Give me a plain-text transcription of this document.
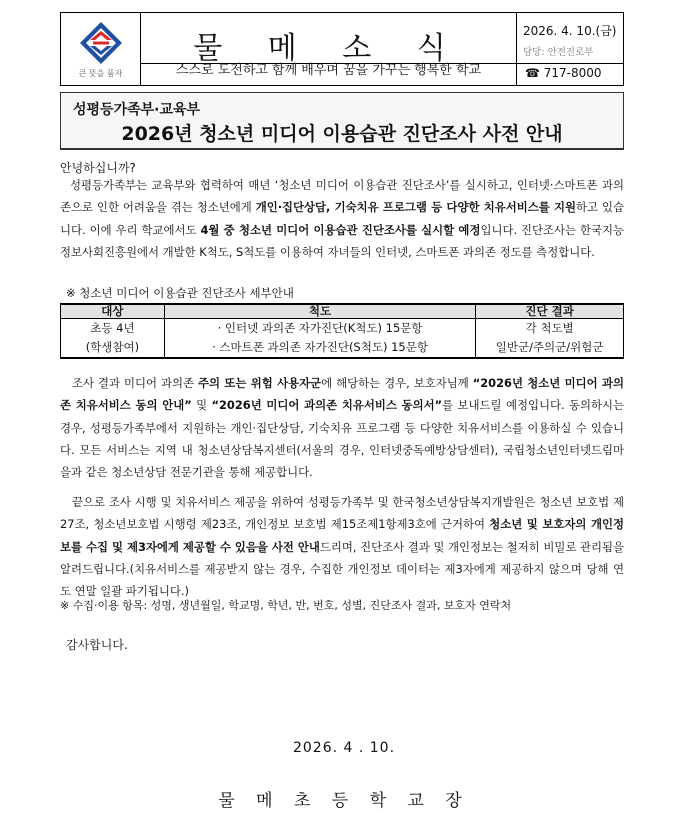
큰 뜻을 품자
물 메 소 식
스스로 도전하고 함께 배우며 꿈을 가꾸는 행복한 학교
2026. 4. 10.(금)
담당: 안전진로부
☎ 717-8000
성평등가족부·교육부
2026년 청소년 미디어 이용습관 진단조사 사전 안내
안녕하십니까?
성평등가족부는 교육부와 협력하여 매년 ‘청소년 미디어 이용습관 진단조사’를 실시하고, 인터넷·스마트폰 과의존으로 인한 어려움을 겪는 청소년에게 개인·집단상담, 기숙치유 프로그램 등 다양한 치유서비스를 지원하고 있습니다. 이에 우리 학교에서도 4월 중 청소년 미디어 이용습관 진단조사를 실시할 예정입니다. 진단조사는 한국지능정보사회진흥원에서 개발한 K척도, S척도를 이용하여 자녀들의 인터넷, 스마트폰 과의존 정도를 측정합니다.
※ 청소년 미디어 이용습관 진단조사 세부안내
대상	척도	진단 결과
초등 4년	· 인터넷 과의존 자가진단(K척도) 15문항	각 척도별
(학생참여)	· 스마트폰 과의존 자가진단(S척도) 15문항	일반군/주의군/위험군
조사 결과 미디어 과의존 주의 또는 위험 사용자군에 해당하는 경우, 보호자님께 “2026년 청소년 미디어 과의존 치유서비스 동의 안내” 및 “2026년 미디어 과의존 치유서비스 동의서”를 보내드릴 예정입니다. 동의하시는 경우, 성평등가족부에서 지원하는 개인·집단상담, 기숙치유 프로그램 등 다양한 치유서비스를 이용하실 수 있습니다. 모든 서비스는 지역 내 청소년상담복지센터(서울의 경우, 인터넷중독예방상담센터), 국립청소년인터넷드림마을과 같은 청소년상담 전문기관을 통해 제공합니다.
끝으로 조사 시행 및 치유서비스 제공을 위하여 성평등가족부 및 한국청소년상담복지개발원은 청소년 보호법 제27조, 청소년보호법 시행령 제23조, 개인정보 보호법 제15조제1항제3호에 근거하여 청소년 및 보호자의 개인정보를 수집 및 제3자에게 제공할 수 있음을 사전 안내드리며, 진단조사 결과 및 개인정보는 철저히 비밀로 관리됨을 알려드립니다.(치유서비스를 제공받지 않는 경우, 수집한 개인정보 데이터는 제3자에게 제공하지 않으며 당해 연도 연말 일괄 파기됩니다.)
※ 수집·이용 항목: 성명, 생년월일, 학교명, 학년, 반, 번호, 성별, 진단조사 결과, 보호자 연락처
감사합니다.
2026. 4 . 10.
물 메 초 등 학 교 장
